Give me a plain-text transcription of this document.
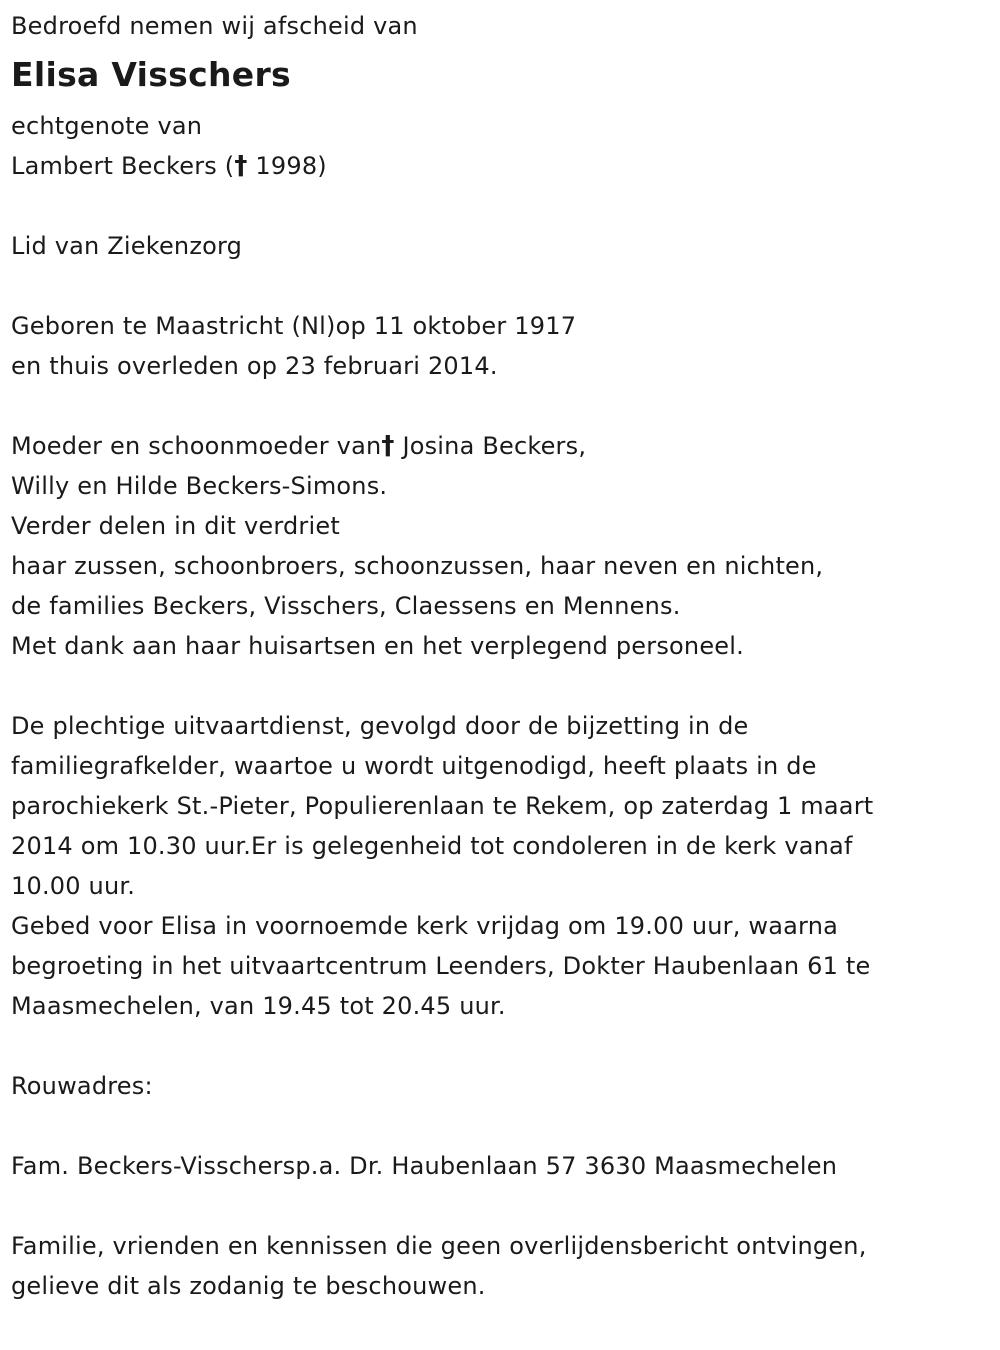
Bedroefd nemen wij afscheid van
Elisa Visschers
echtgenote van
Lambert Beckers († 1998)
Lid van Ziekenzorg
Geboren te Maastricht (Nl)op 11 oktober 1917
en thuis overleden op 23 februari 2014.
Moeder en schoonmoeder van† Josina Beckers,
Willy en Hilde Beckers-Simons.
Verder delen in dit verdriet
haar zussen, schoonbroers, schoonzussen, haar neven en nichten,
de families Beckers, Visschers, Claessens en Mennens.
Met dank aan haar huisartsen en het verplegend personeel.
De plechtige uitvaartdienst, gevolgd door de bijzetting in de
familiegrafkelder, waartoe u wordt uitgenodigd, heeft plaats in de
parochiekerk St.-Pieter, Populierenlaan te Rekem, op zaterdag 1 maart
2014 om 10.30 uur.Er is gelegenheid tot condoleren in de kerk vanaf
10.00 uur.
Gebed voor Elisa in voornoemde kerk vrijdag om 19.00 uur, waarna
begroeting in het uitvaartcentrum Leenders, Dokter Haubenlaan 61 te
Maasmechelen, van 19.45 tot 20.45 uur.
Rouwadres:
Fam. Beckers-Visschersp.a. Dr. Haubenlaan 57 3630 Maasmechelen
Familie, vrienden en kennissen die geen overlijdensbericht ontvingen,
gelieve dit als zodanig te beschouwen.
